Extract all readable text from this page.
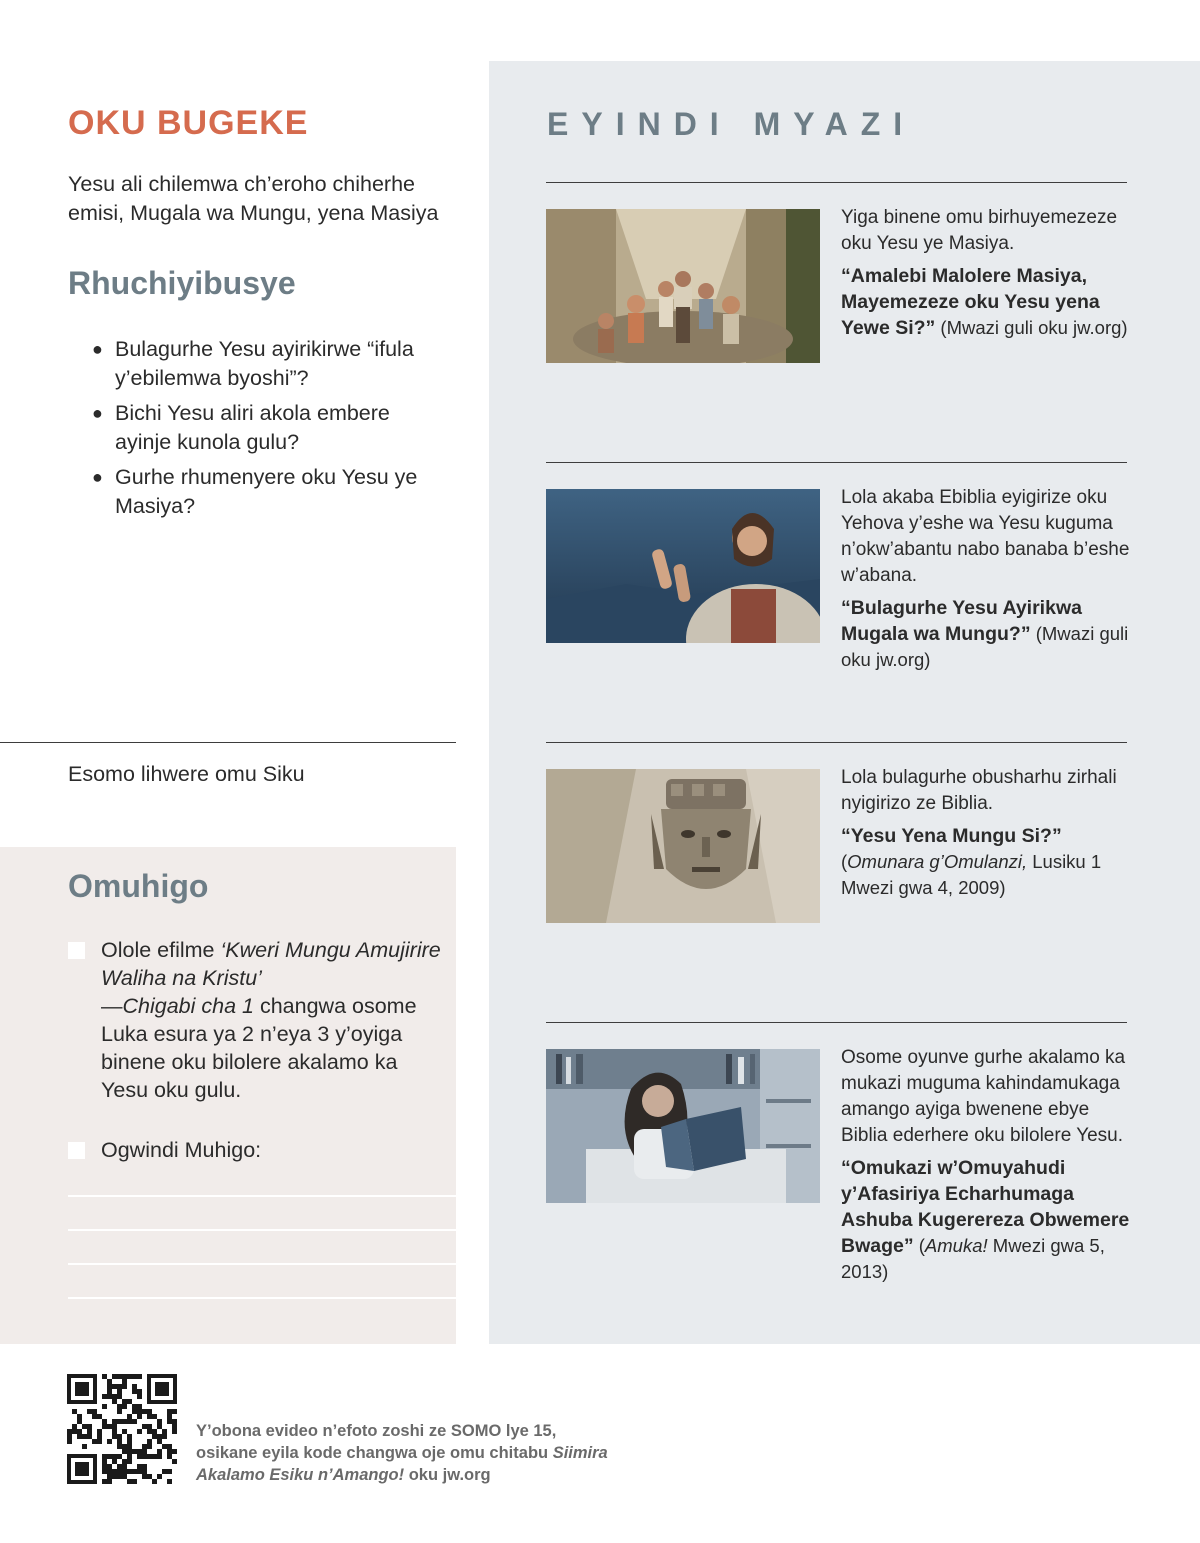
OKU BUGEKE

Yesu ali chilemwa ch’eroho chiherhe emisi, Mugala wa Mungu, yena Masiya

Rhuchiyibusye
● Bulagurhe Yesu ayirikirwe “ifula y’ebilemwa byoshi”?
● Bichi Yesu aliri akola embere ayinje kunola gulu?
● Gurhe rhumenyere oku Yesu ye Masiya?

Esomo lihwere omu Siku

Omuhigo
Ololе efilme ‘Kweri Mungu Amujirire Waliha na Kristu’
—Chigabi cha 1 changwa osome Luka esura ya 2 n’eya 3 y’oyiga binene oku bilolere akalamo ka Yesu oku gulu.
Ogwindi Muhigo:
EYINDI MYAZI

Yiga binene omu birhuyemezeze oku Yesu ye Masiya.

“Amalebi Malolere Masiya, Mayemezeze oku Yesu yena Yewe Si?” (Mwazi guli oku jw.org)

Lola akaba Ebiblia eyigirize oku Yehova y’eshe wa Yesu kuguma n’okw’abantu nabo banaba b’eshe w’abana.

“Bulagurhe Yesu Ayirikwa Mugala wa Mungu?” (Mwazi guli oku jw.org)

Lola bulagurhe obusharhu zirhali nyigirizo ze Biblia.

“Yesu Yena Mungu Si?” (Omunara g’Omulanzi, Lusiku 1 Mwezi gwa 4, 2009)

Osome oyunve gurhe akalamo ka mukazi muguma kahindamukaga amango ayiga bwenene ebye Biblia ederhere oku bilolere Yesu.

“Omukazi w’Omuyahudi y’Afasiriya Echarhumaga Ashuba Kugerereza Obwemere Bwage” (Amuka! Mwezi gwa 5, 2013)

Y’obona evideo n’efoto zoshi ze SOMO lye 15, osikane eyila kode changwa oje omu chitabu Siimira Akalamo Esiku n’Amango! oku jw.org
